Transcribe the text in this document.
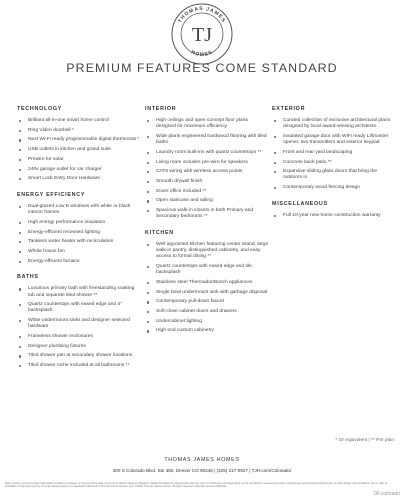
THOMAS JAMES
TJ
HOMES
PREMIUM FEATURES COME STANDARD
TECHNOLOGY
Brilliant all-in-one smart home control
Ring Video doorbell *
Nest Wi-Fi ready programmable digital thermostat *
USB outlets in kitchen and grand suite
Prewire for solar
240v garage outlet for car charger
Smart Lock Entry Door Hardware
ENERGY EFFICIENCY
Dual-glazed Low E windows with white or black interior frames
High energy performance insulation
Energy-efficient recessed lighting
Tankless water heater with recirculation
Whole house fan
Energy-efficient furnace
BATHS
Luxurious primary bath with freestanding soaking tub and separate tiled shower **
Quartz countertops with eased edge and 4" backsplash
White undermount sinks and designer selected hardware
Frameless shower enclosures
Designer plumbing fixtures
Tiled shower pan at secondary shower locations
Tiled shower niche included at all bathrooms **
INTERIOR
High ceilings and open concept floor plans designed for maximum efficiency
Wide plank engineered hardwood flooring with tiled baths
Laundry room built-ins with quartz countertops **
Living room includes pre-wire for speakers
CAT6 wiring with wireless access points
Smooth drywall finish
Zoom office included **
Open staircase and railing
Spacious walk-in closets in both Primary and Secondary bedrooms **
KITCHEN
Well appointed kitchen featuring center island, large walk-in pantry, distinguished cabinetry, and easy access to formal dining **
Quartz countertops with eased edge and tile backsplash
Stainless steel Thermador/Bosch appliances
Single bowl undermount sink with garbage disposal
Contemporary pull-down faucet
Soft-close cabinet doors and drawers
Undercabinet lighting
High end custom cabinetry
EXTERIOR
Curated collection of exclusive architectural plans designed by local award-winning architects.
Insulated garage door with WiFi ready Liftmaster opener, two transmitters and exterior keypad
Front and rear yard landscaping
Concrete back patio **
Expansive sliding glass doors that bring the outdoors in
Contemporary wood fencing design
MISCELLANEOUS
Full 10-year new home construction warranty
* Or equivalent | ** Per plan
THOMAS JAMES HOMES
400 S Colorado Blvd. Ste 360, Denver CO 80246 | (425) 217-0527 | TJH.com/Colorado/
Plans, pricing, and community information is subject to change, at homes prior to sale, at any time without notice or obligation. Square footages are approximate and may vary in construction and depending on the standard of measurement used, engineering and municipal requirements, or other design-only conditions. Not an offer of solicitation to sell real property. Thomas James Homes is a registered trademark of Thomas James Homes, LLC. ©2023. Thomas James Homes. All rights reserved. Colorado License #ABC123.
DF.colorado
